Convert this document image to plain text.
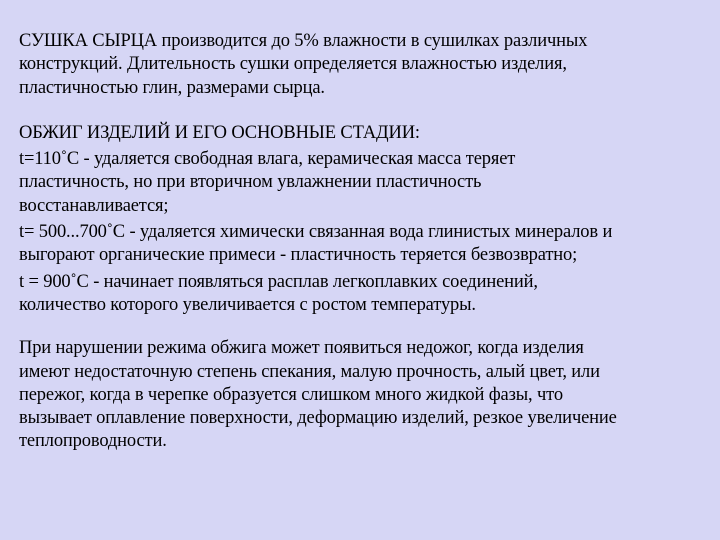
СУШКА СЫРЦА производится до 5% влажности в сушилках различных
конструкций. Длительность сушки определяется влажностью изделия,
пластичностью глин, размерами сырца.
ОБЖИГ ИЗДЕЛИЙ И ЕГО ОСНОВНЫЕ СТАДИИ:
t=110˚С - удаляется свободная влага, керамическая масса теряет
пластичность, но при вторичном увлажнении пластичность
восстанавливается;
t= 500...700˚С - удаляется химически связанная вода глинистых минералов и
выгорают органические примеси - пластичность теряется безвозвратно;
t = 900˚С - начинает появляться расплав легкоплавких соединений,
количество которого увеличивается с ростом температуры.
При нарушении режима обжига может появиться недожог, когда изделия
имеют недостаточную степень спекания, малую прочность, алый цвет, или
пережог, когда в черепке образуется слишком много жидкой фазы, что
вызывает оплавление поверхности, деформацию изделий, резкое увеличение
теплопроводности.
